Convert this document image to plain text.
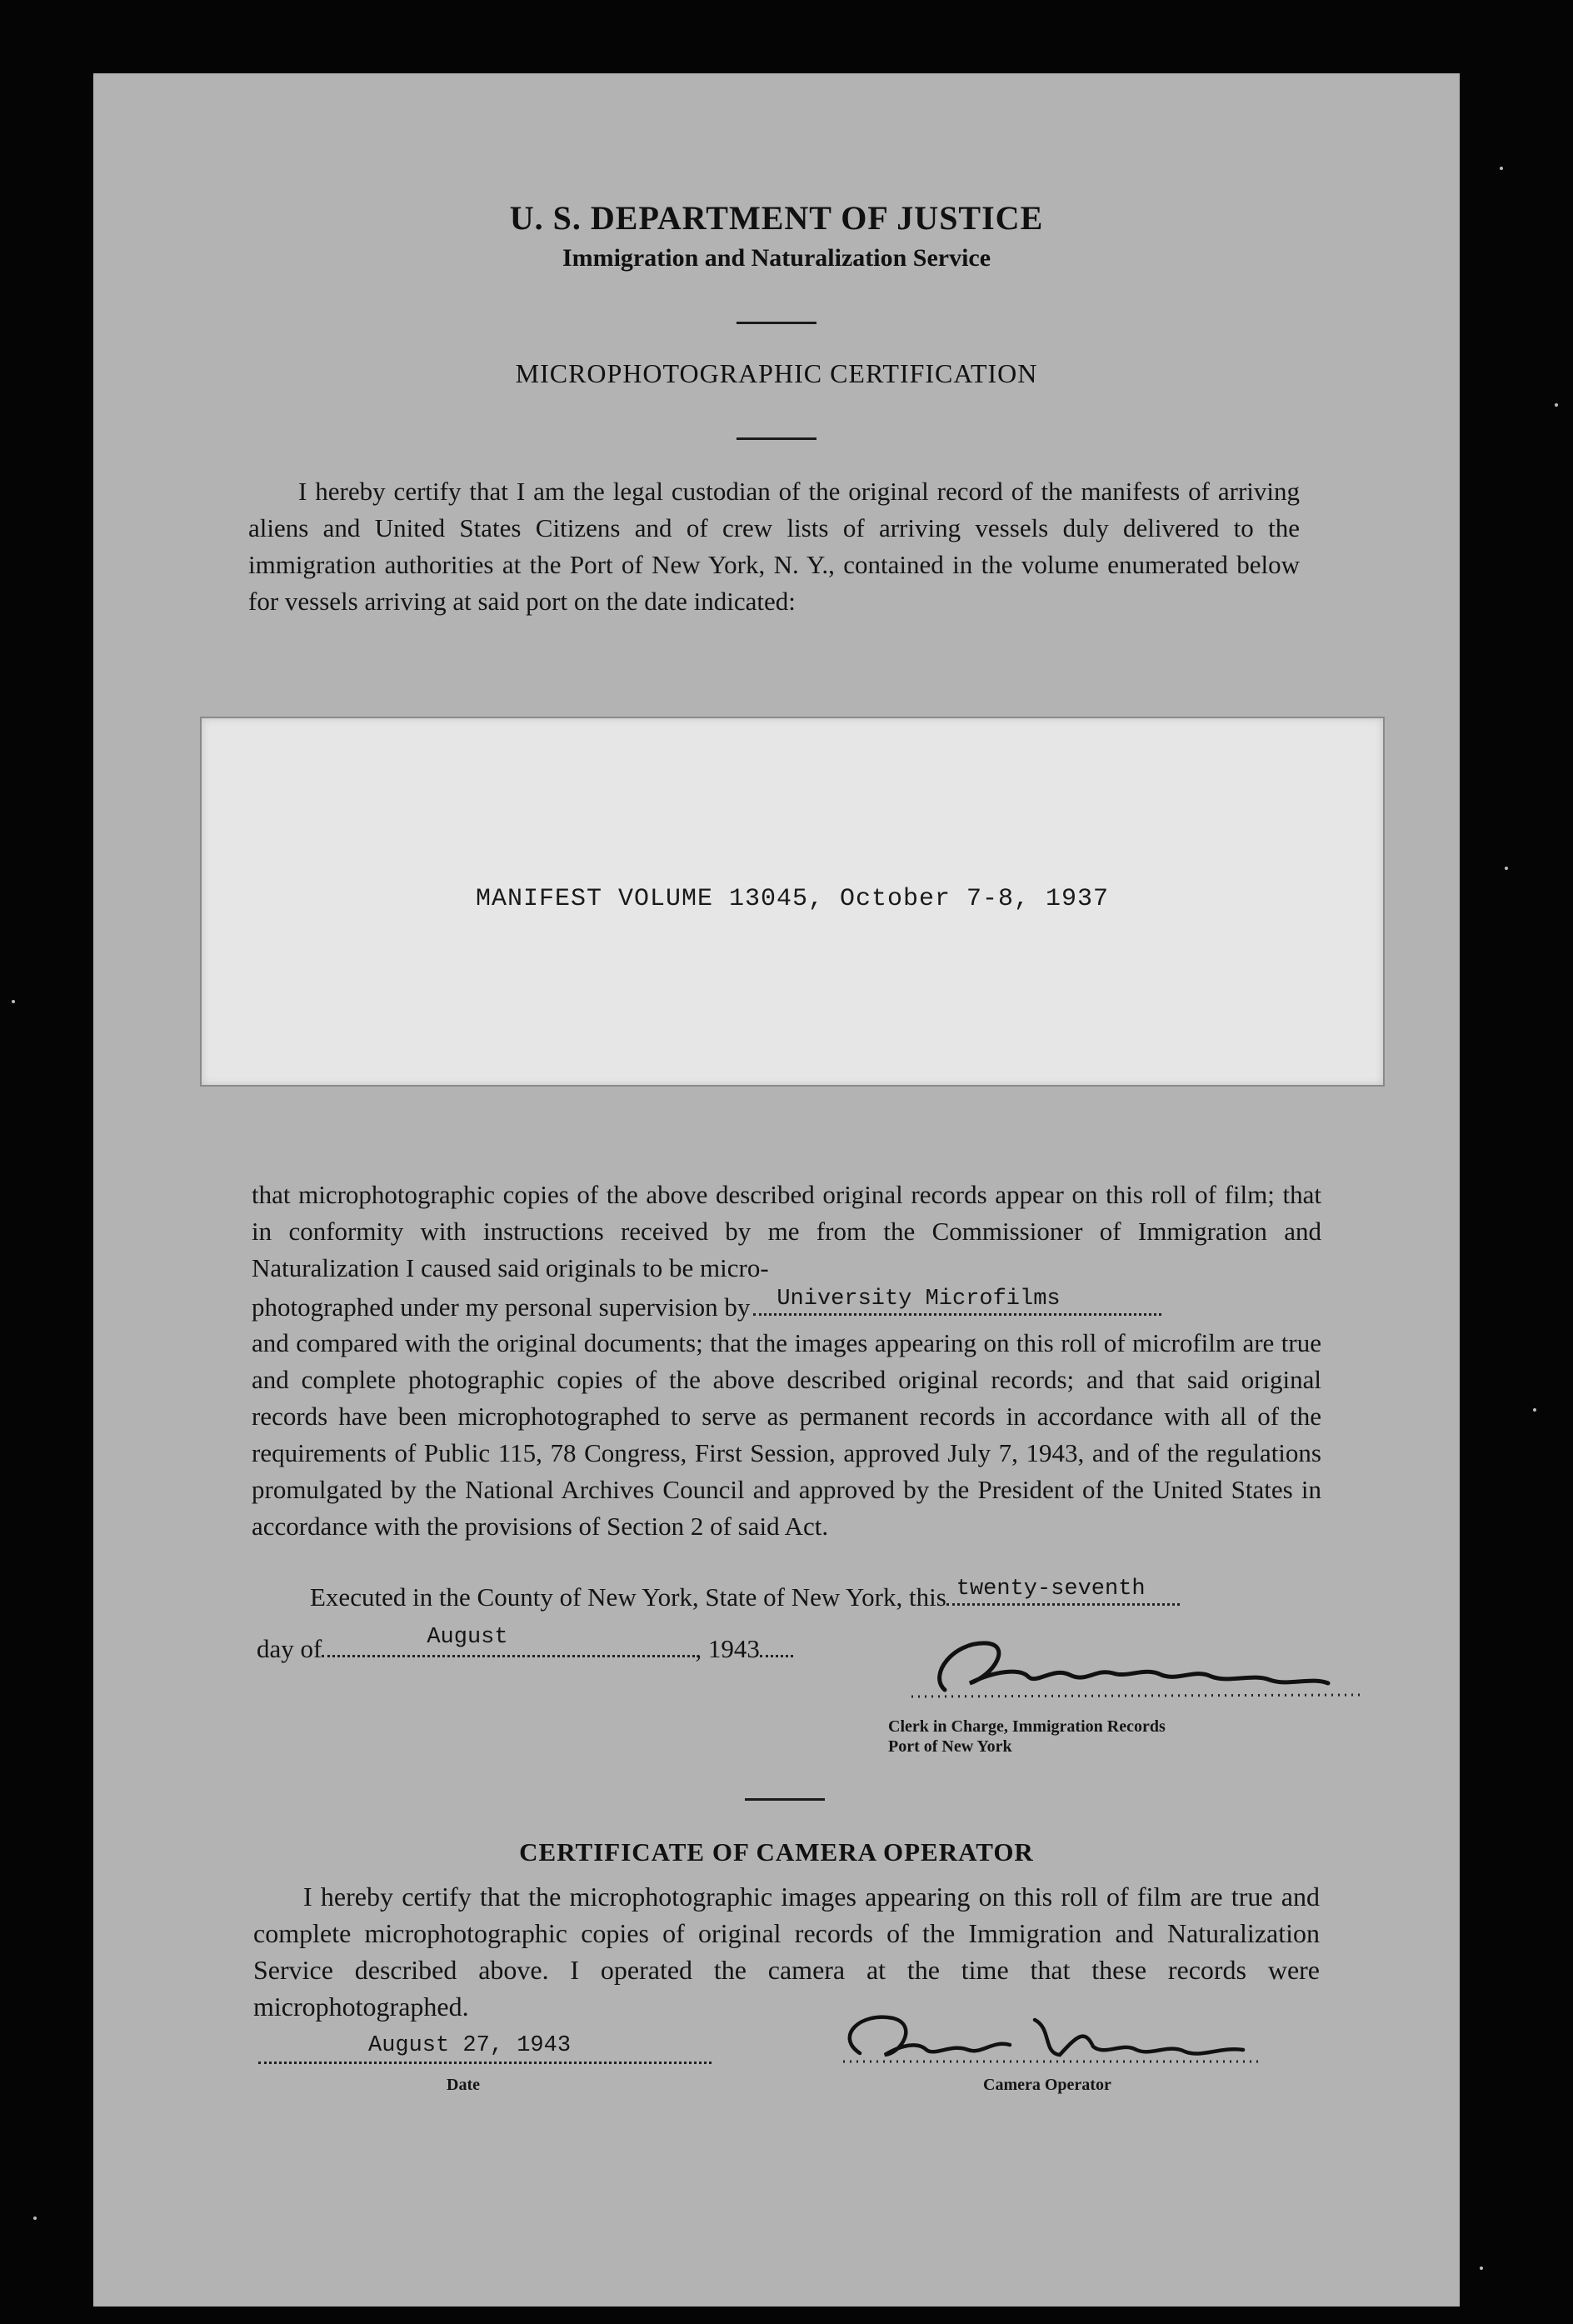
U. S. DEPARTMENT OF JUSTICE
Immigration and Naturalization Service
MICROPHOTOGRAPHIC CERTIFICATION
I hereby certify that I am the legal custodian of the original record of the manifests of arriving aliens and United States Citizens and of crew lists of arriving vessels duly delivered to the immigration authorities at the Port of New York, N. Y., contained in the volume enumerated below for vessels arriving at said port on the date indicated:
MANIFEST VOLUME 13045, October 7-8, 1937
that microphotographic copies of the above described original records appear on this roll of film; that in conformity with instructions received by me from the Commissioner of Immigration and Naturalization I caused said originals to be micro-
photographed under my personal supervision by University Microfilms
and compared with the original documents; that the images appearing on this roll of microfilm are true and complete photographic copies of the above described original records; and that said original records have been microphotographed to serve as permanent records in accordance with all of the requirements of Public 115, 78 Congress, First Session, approved July 7, 1943, and of the regulations promulgated by the National Archives Council and approved by the President of the United States in accordance with the provisions of Section 2 of said Act.
Executed in the County of New York, State of New York, this twenty-seventh
day of	August	, 1943
Clerk in Charge, Immigration Records
Port of New York
CERTIFICATE OF CAMERA OPERATOR
I hereby certify that the microphotographic images appearing on this roll of film are true and complete microphotographic copies of original records of the Immigration and Naturalization Service described above. I operated the camera at the time that these records were microphotographed.
August 27, 1943
Date	Camera Operator
